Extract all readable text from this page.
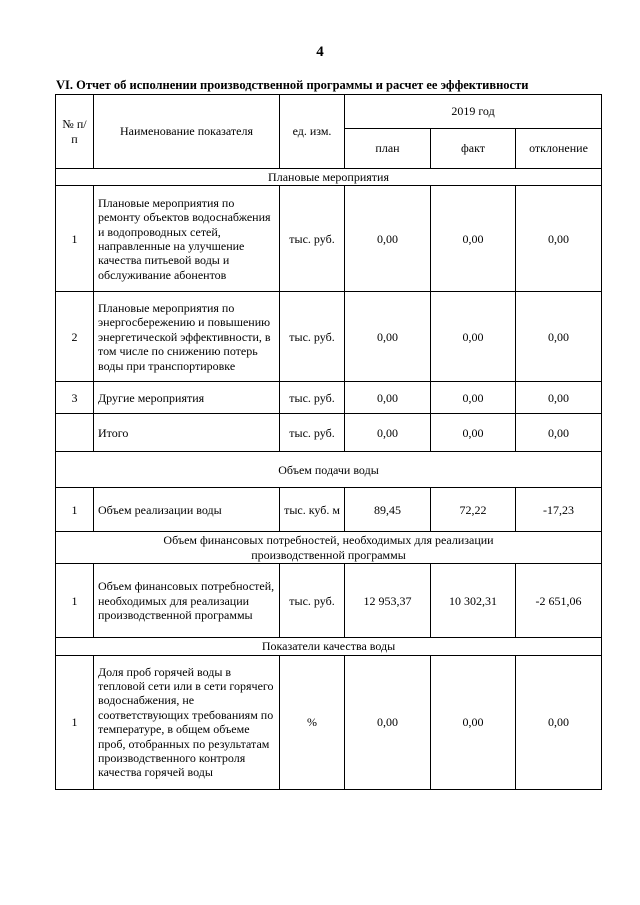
4
VI. Отчет об исполнении производственной программы и расчет ее эффективности
№ п/п	Наименование показателя	ед. изм.	2019 год		
			план	факт	отклонение
Плановые мероприятия					
1	Плановые мероприятия по ремонту объектов водоснабжения и водопроводных сетей, направленные на улучшение качества питьевой воды и обслуживание абонентов	тыс. руб.	0,00	0,00	0,00
2	Плановые мероприятия по энергосбережению и повышению энергетической эффективности, в том числе по снижению потерь воды при транспортировке	тыс. руб.	0,00	0,00	0,00
3	Другие мероприятия	тыс. руб.	0,00	0,00	0,00
	Итого	тыс. руб.	0,00	0,00	0,00
Объем подачи воды					
1	Объем реализации воды	тыс. куб. м	89,45	72,22	-17,23
Объем финансовых потребностей, необходимых для реализации производственной программы					
1	Объем финансовых потребностей, необходимых для реализации производственной программы	тыс. руб.	12 953,37	10 302,31	-2 651,06
Показатели качества воды					
1	Доля проб горячей воды в тепловой сети или в сети горячего водоснабжения, не соответствующих требованиям по температуре, в общем объеме проб, отобранных по результатам производственного контроля качества горячей воды	%	0,00	0,00	0,00
